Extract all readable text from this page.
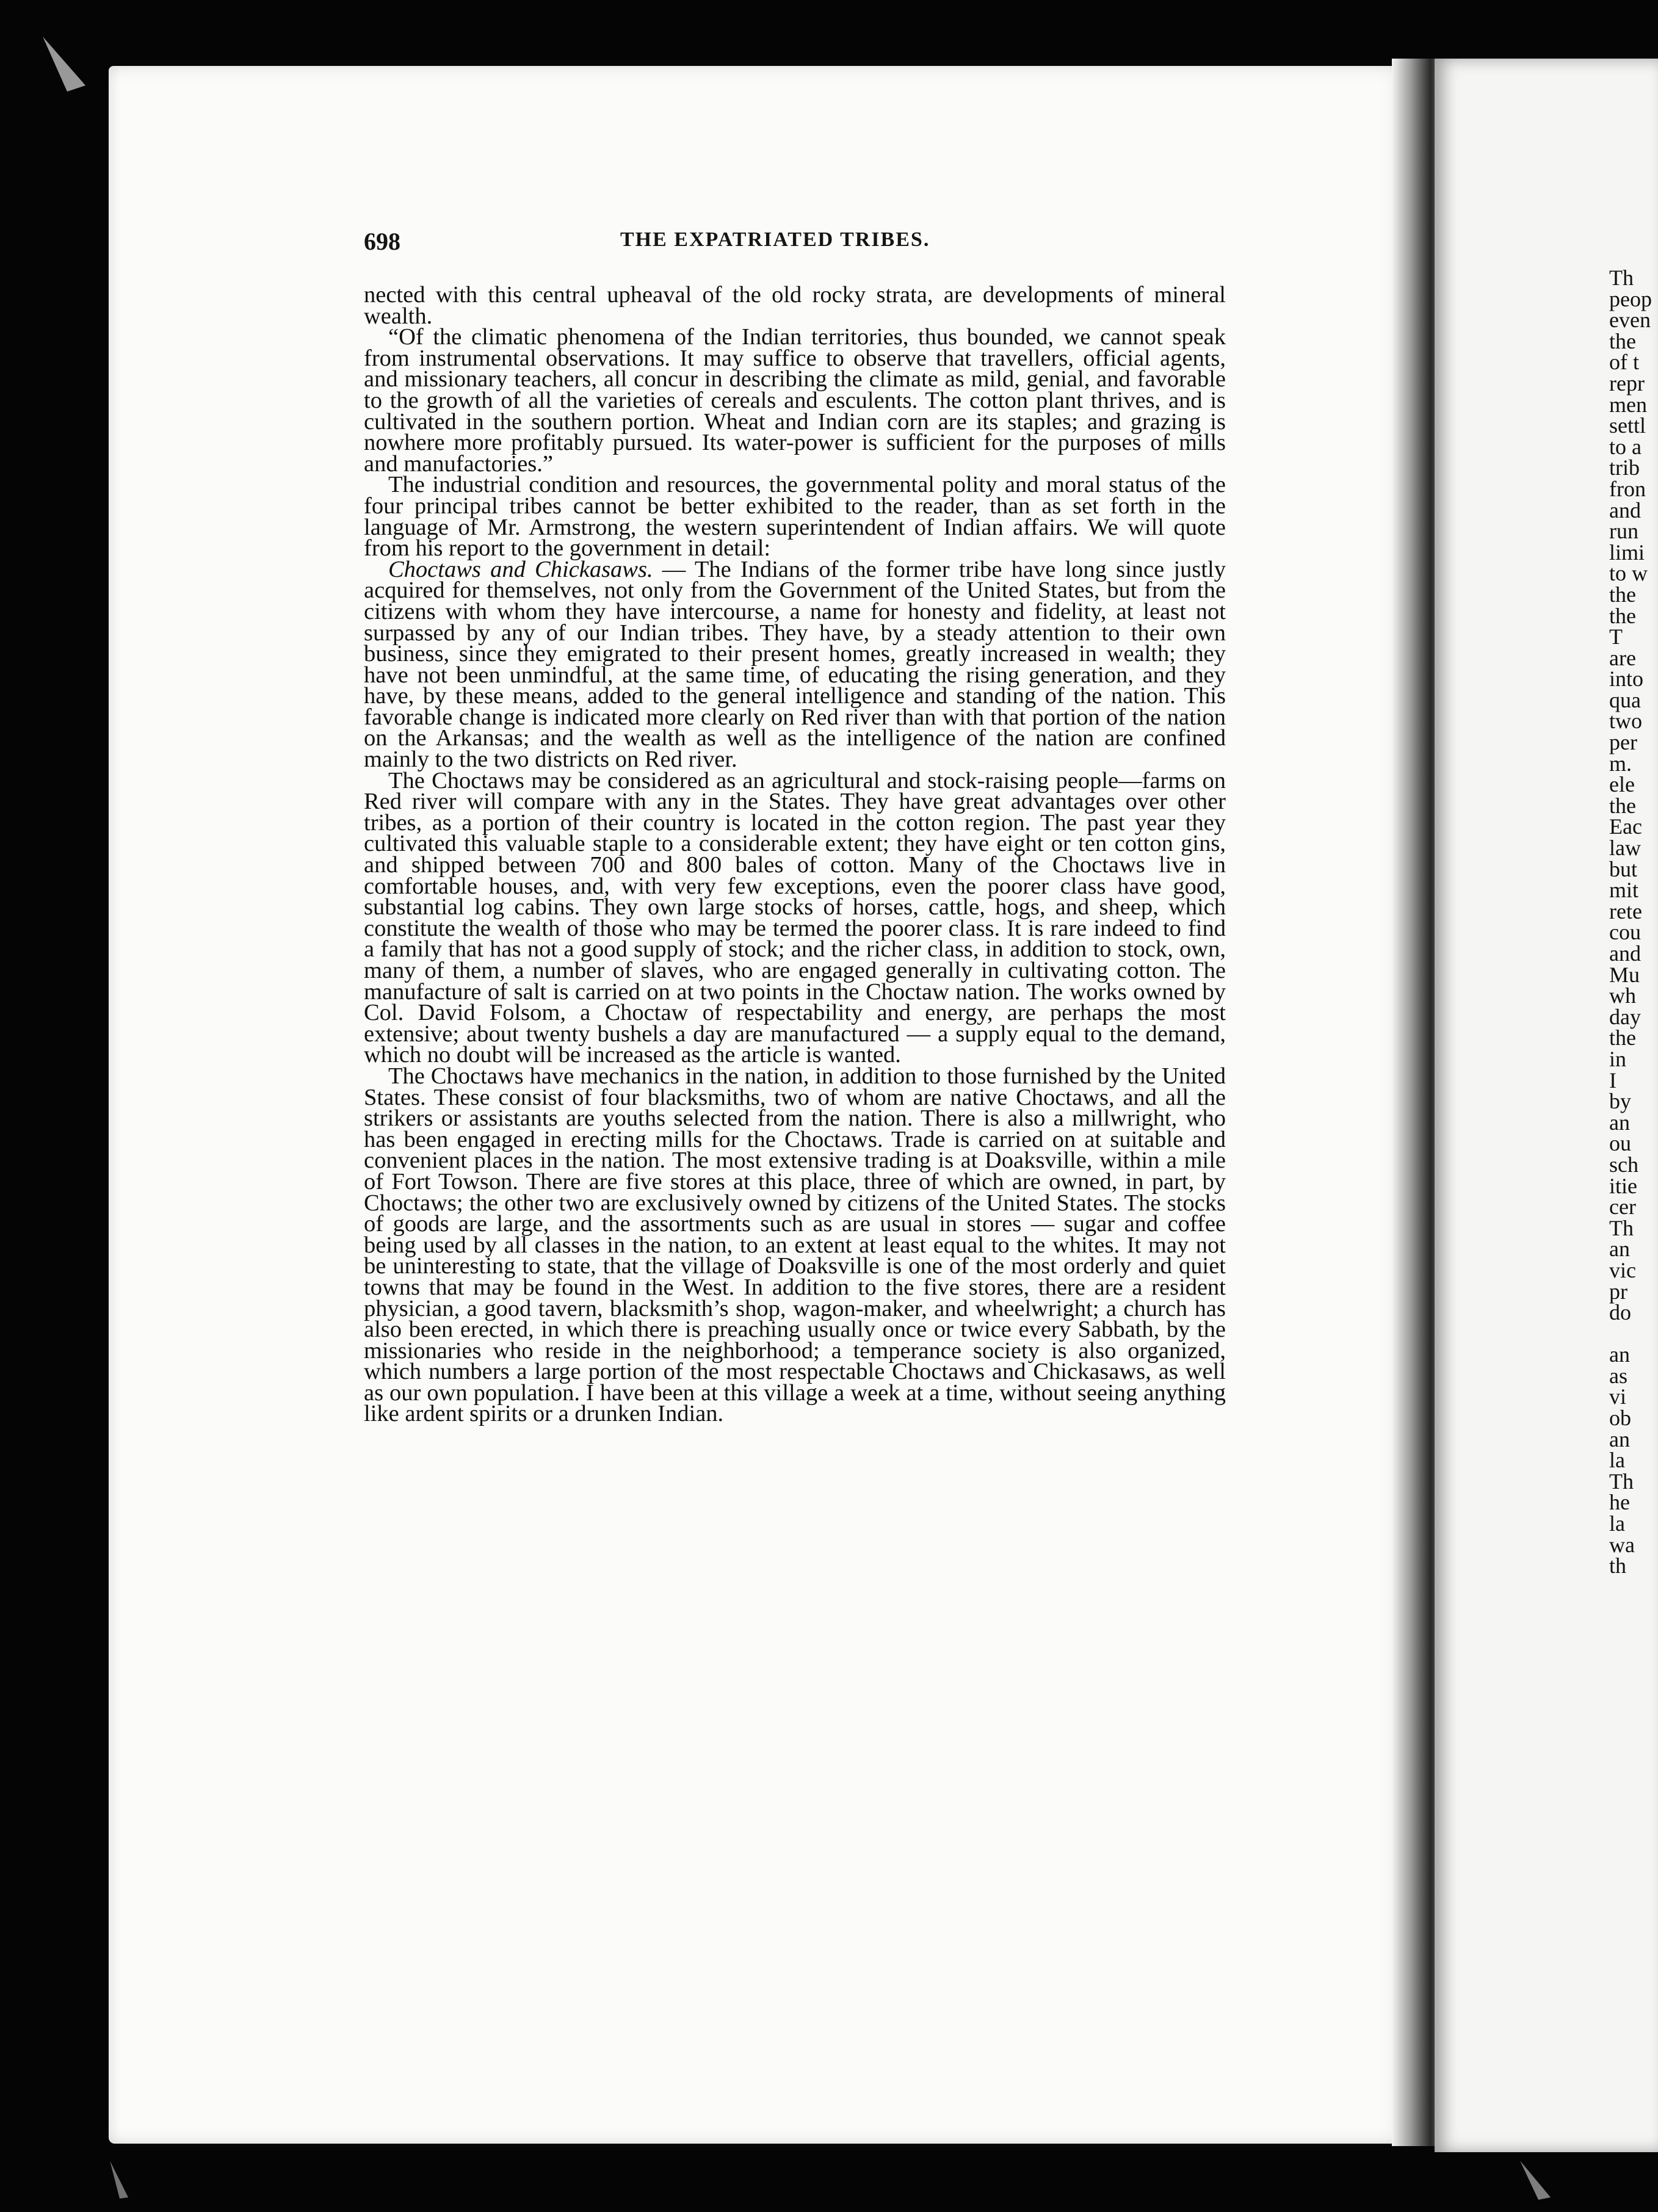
698	THE EXPATRIATED TRIBES.

nected with this central upheaval of the old rocky strata, are developments of mineral wealth.

“Of the climatic phenomena of the Indian territories, thus bounded, we cannot speak from instrumental observations. It may suffice to observe that travellers, official agents, and missionary teachers, all concur in describing the climate as mild, genial, and favorable to the growth of all the varieties of cereals and esculents. The cotton plant thrives, and is cultivated in the southern portion. Wheat and Indian corn are its staples; and grazing is nowhere more profitably pursued. Its water-power is sufficient for the purposes of mills and manufactories.”

The industrial condition and resources, the governmental polity and moral status of the four principal tribes cannot be better exhibited to the reader, than as set forth in the language of Mr. Armstrong, the western superintendent of Indian affairs. We will quote from his report to the government in detail:

Choctaws and Chickasaws. — The Indians of the former tribe have long since justly acquired for themselves, not only from the Government of the United States, but from the citizens with whom they have intercourse, a name for honesty and fidelity, at least not surpassed by any of our Indian tribes. They have, by a steady attention to their own business, since they emigrated to their present homes, greatly increased in wealth; they have not been unmindful, at the same time, of educating the rising generation, and they have, by these means, added to the general intelligence and standing of the nation. This favorable change is indicated more clearly on Red river than with that portion of the nation on the Arkansas; and the wealth as well as the intelligence of the nation are confined mainly to the two districts on Red river.

The Choctaws may be considered as an agricultural and stock-raising people—farms on Red river will compare with any in the States. They have great advantages over other tribes, as a portion of their country is located in the cotton region. The past year they cultivated this valuable staple to a considerable extent; they have eight or ten cotton gins, and shipped between 700 and 800 bales of cotton. Many of the Choctaws live in comfortable houses, and, with very few exceptions, even the poorer class have good, substantial log cabins. They own large stocks of horses, cattle, hogs, and sheep, which constitute the wealth of those who may be termed the poorer class. It is rare indeed to find a family that has not a good supply of stock; and the richer class, in addition to stock, own, many of them, a number of slaves, who are engaged generally in cultivating cotton. The manufacture of salt is carried on at two points in the Choctaw nation. The works owned by Col. David Folsom, a Choctaw of respectability and energy, are perhaps the most extensive; about twenty bushels a day are manufactured — a supply equal to the demand, which no doubt will be increased as the article is wanted.

The Choctaws have mechanics in the nation, in addition to those furnished by the United States. These consist of four blacksmiths, two of whom are native Choctaws, and all the strikers or assistants are youths selected from the nation. There is also a millwright, who has been engaged in erecting mills for the Choctaws. Trade is carried on at suitable and convenient places in the nation. The most extensive trading is at Doaksville, within a mile of Fort Towson. There are five stores at this place, three of which are owned, in part, by Choctaws; the other two are exclusively owned by citizens of the United States. The stocks of goods are large, and the assortments such as are usual in stores — sugar and coffee being used by all classes in the nation, to an extent at least equal to the whites. It may not be uninteresting to state, that the village of Doaksville is one of the most orderly and quiet towns that may be found in the West. In addition to the five stores, there are a resident physician, a good tavern, blacksmith’s shop, wagon-maker, and wheelwright; a church has also been erected, in which there is preaching usually once or twice every Sabbath, by the missionaries who reside in the neighborhood; a temperance society is also organized, which numbers a large portion of the most respectable Choctaws and Chickasaws, as well as our own population. I have been at this village a week at a time, without seeing anything like ardent spirits or a drunken Indian.

Th
peop
even
the
of t
repr
men
settl
to a
trib
fron
and
run
limi
to w
the
the
T
are
into
qua
two
per
m.
ele
the
Eac
law
but
mit
rete
cou
and
Mu
wh
day
the
in
I
by
an
ou
sch
itie
cer
Th
an
vic
pr
do
an
as
vi
ob
an
la
Th
he
la
wa
th
